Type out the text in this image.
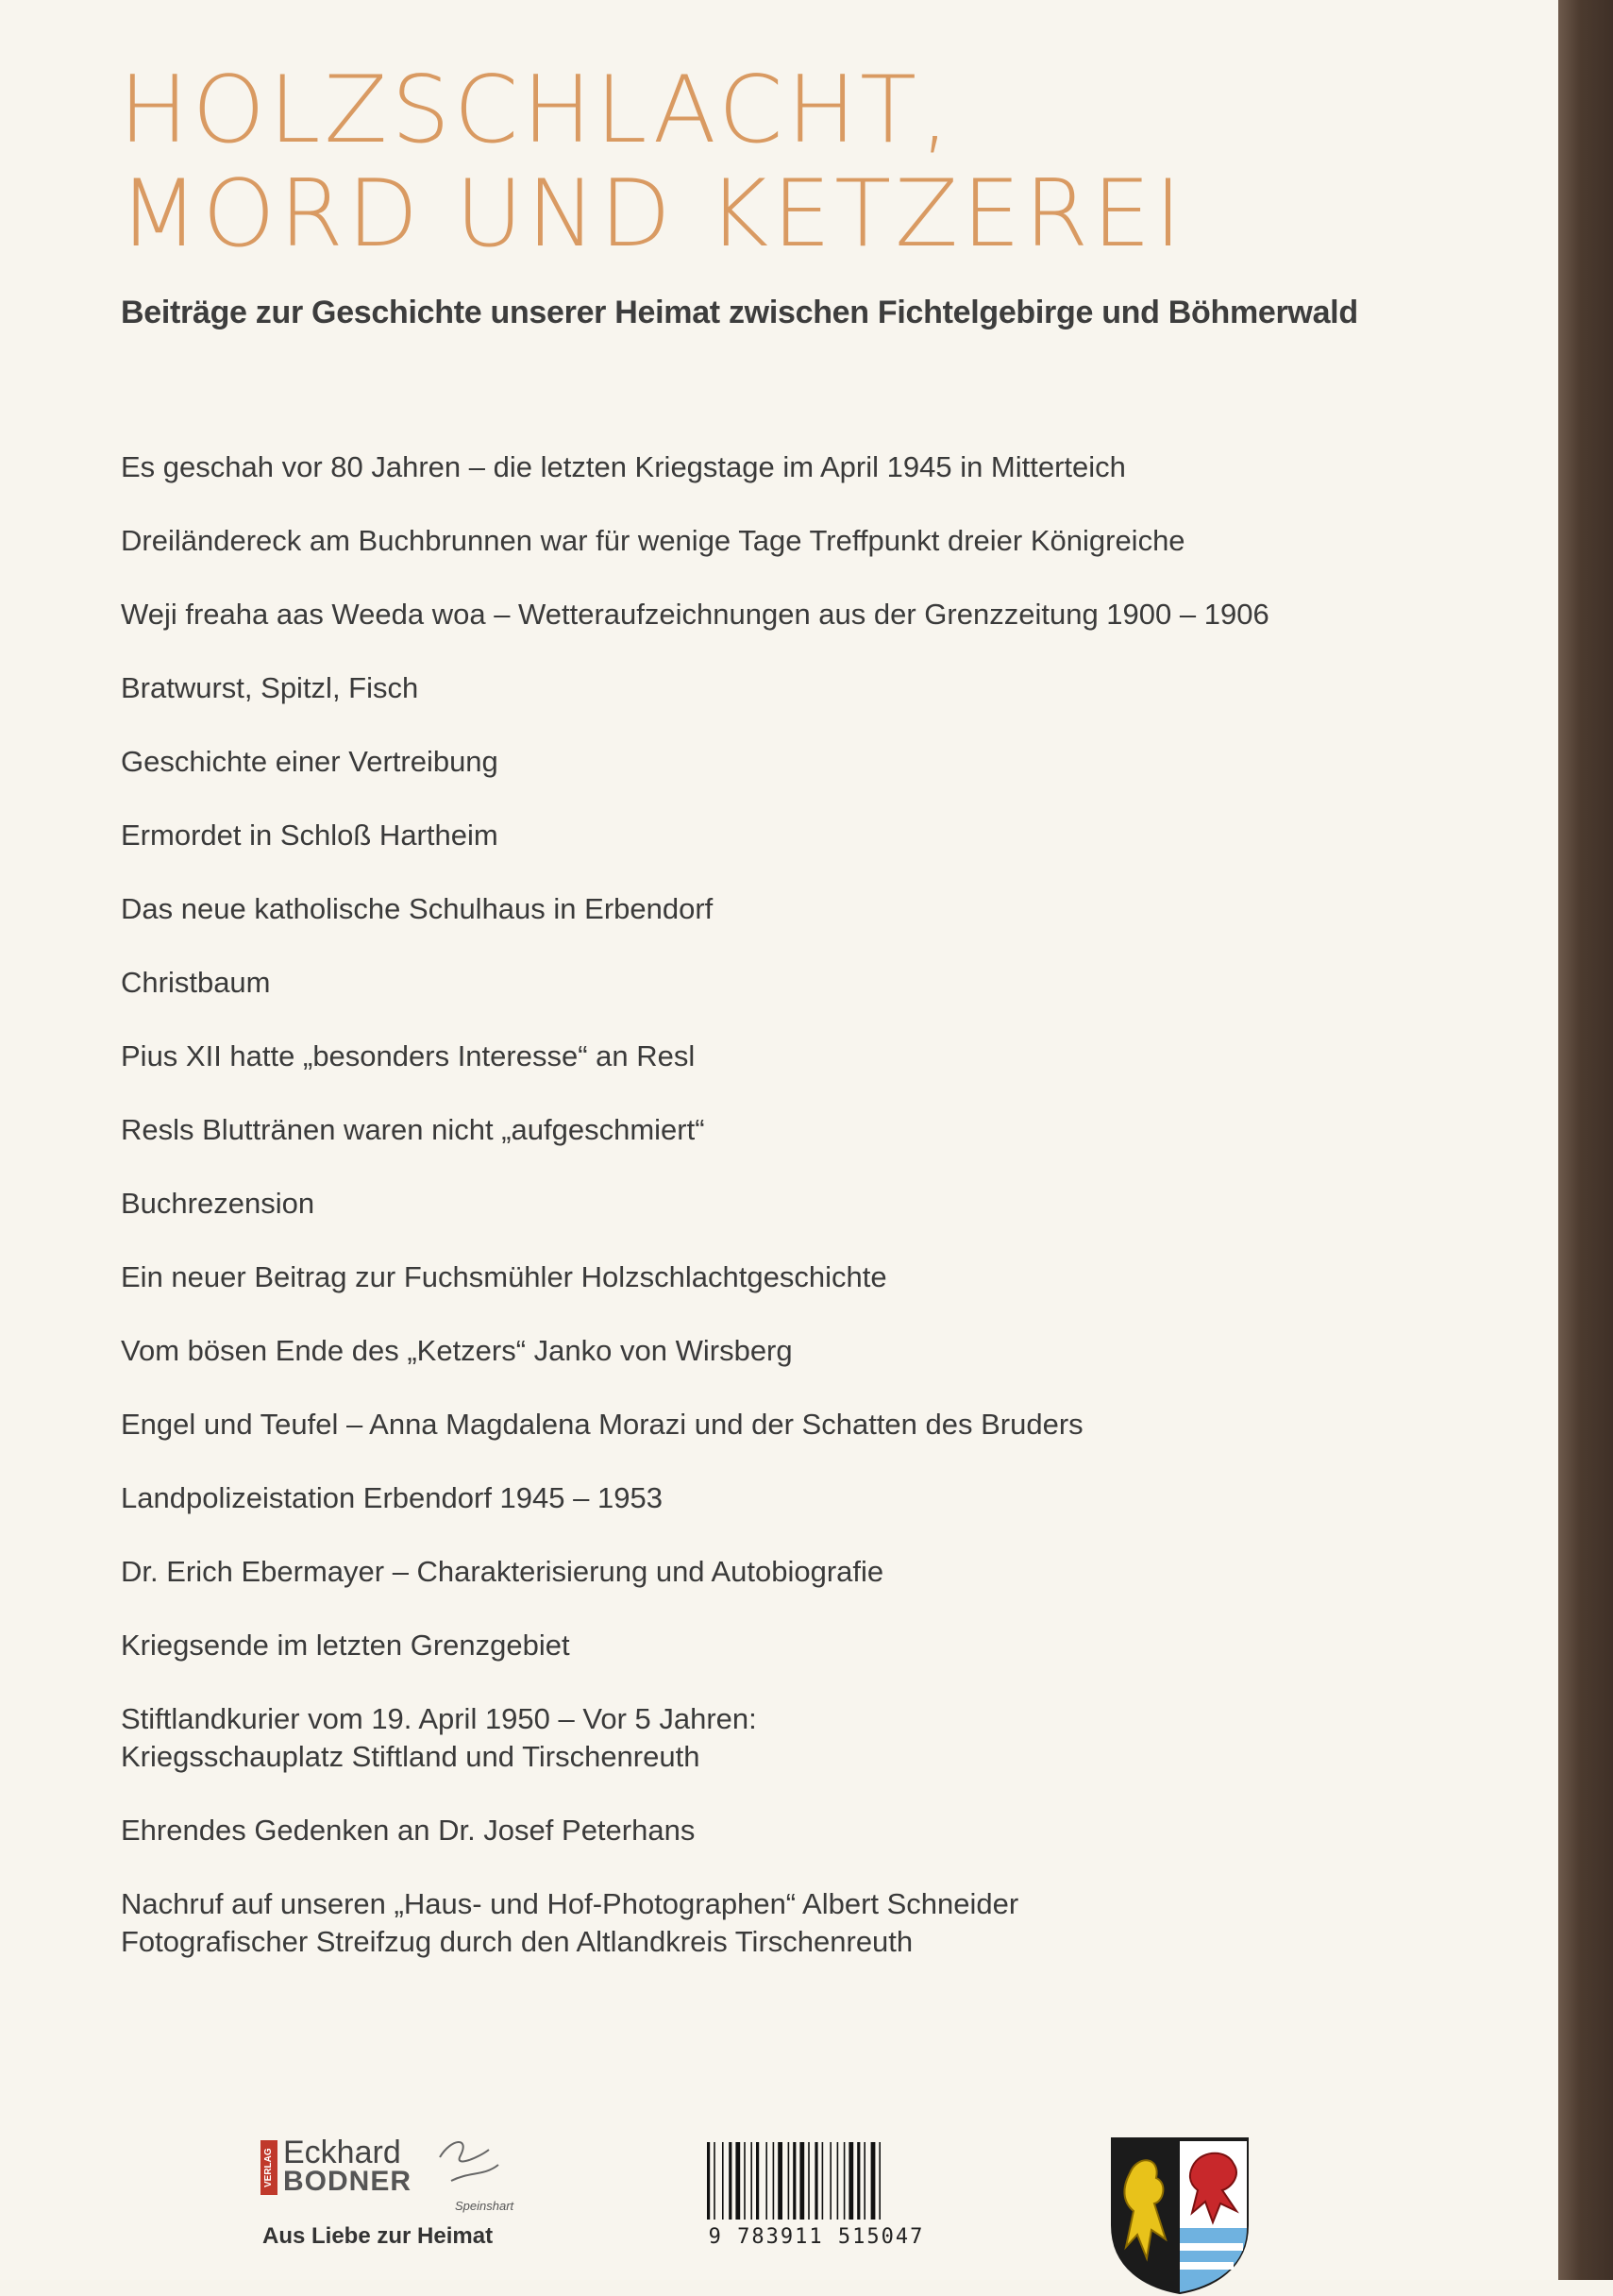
HOLZSCHLACHT,
MORD UND KETZEREI

Beiträge zur Geschichte unserer Heimat zwischen Fichtelgebirge und Böhmerwald

Es geschah vor 80 Jahren – die letzten Kriegstage im April 1945 in Mitterteich
Dreiländereck am Buchbrunnen war für wenige Tage Treffpunkt dreier Königreiche
Weji freaha aas Weeda woa – Wetteraufzeichnungen aus der Grenzzeitung 1900 – 1906
Bratwurst, Spitzl, Fisch
Geschichte einer Vertreibung
Ermordet in Schloß Hartheim
Das neue katholische Schulhaus in Erbendorf
Christbaum
Pius XII hatte „besonders Interesse“ an Resl
Resls Bluttränen waren nicht „aufgeschmiert“
Buchrezension
Ein neuer Beitrag zur Fuchsmühler Holzschlachtgeschichte
Vom bösen Ende des „Ketzers“ Janko von Wirsberg
Engel und Teufel – Anna Magdalena Morazi und der Schatten des Bruders
Landpolizeistation Erbendorf 1945 – 1953
Dr. Erich Ebermayer – Charakterisierung und Autobiografie
Kriegsende im letzten Grenzgebiet
Stiftlandkurier vom 19. April 1950 – Vor 5 Jahren:
Kriegsschauplatz Stiftland und Tirschenreuth
Ehrendes Gedenken an Dr. Josef Peterhans
Nachruf auf unseren „Haus- und Hof-Photographen“ Albert Schneider
Fotografischer Streifzug durch den Altlandkreis Tirschenreuth
VERLAG Eckhard
BODNER
Speinshart
Aus Liebe zur Heimat	9 783911 515047
